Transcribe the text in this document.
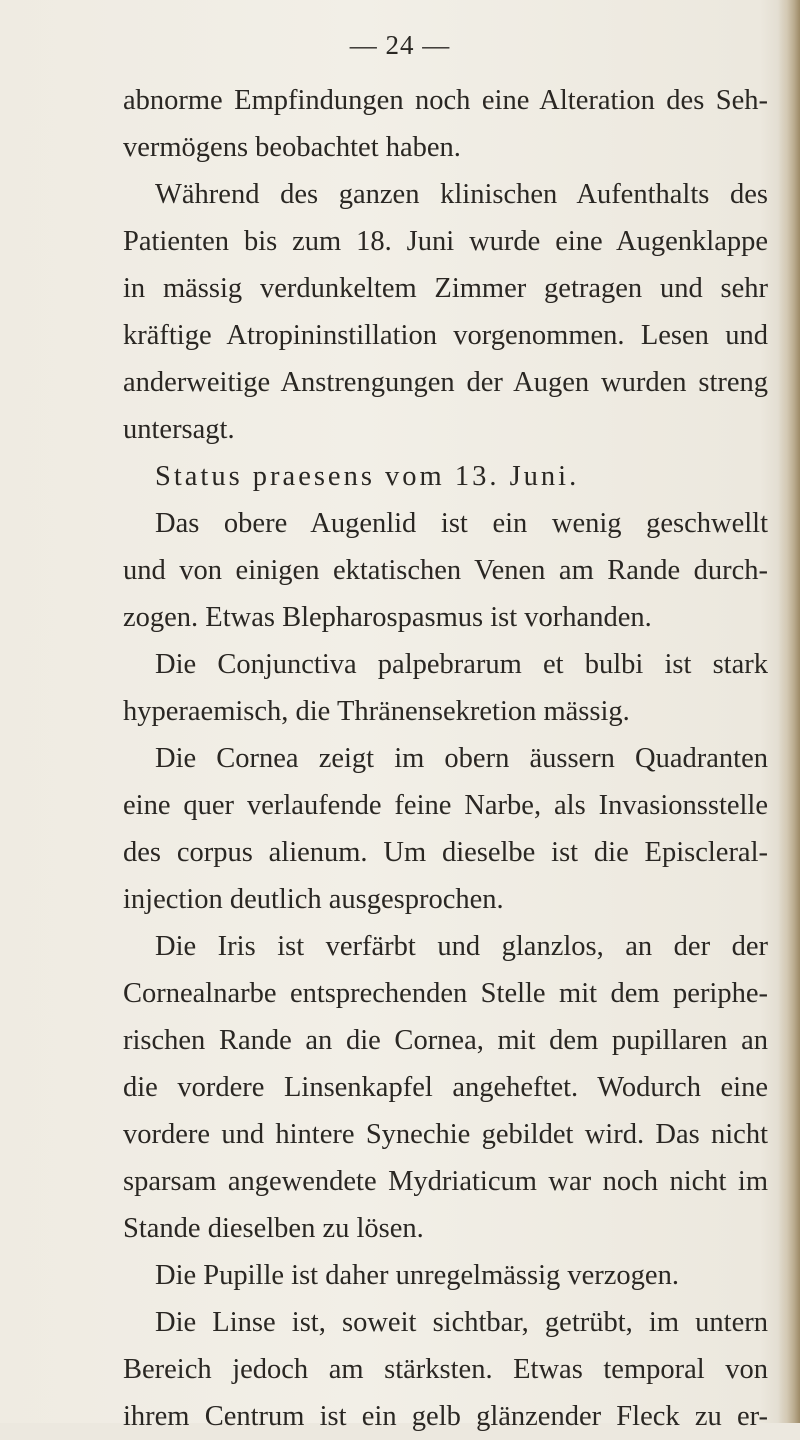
— 24 —
abnorme Empfindungen noch eine Alteration des Seh-
vermögens beobachtet haben.
Während des ganzen klinischen Aufenthalts des
Patienten bis zum 18. Juni wurde eine Augenklappe
in mässig verdunkeltem Zimmer getragen und sehr
kräftige Atropininstillation vorgenommen. Lesen und
anderweitige Anstrengungen der Augen wurden streng
untersagt.
Status praesens vom 13. Juni.
Das obere Augenlid ist ein wenig geschwellt
und von einigen ektatischen Venen am Rande durch-
zogen. Etwas Blepharospasmus ist vorhanden.
Die Conjunctiva palpebrarum et bulbi ist stark
hyperaemisch, die Thränensekretion mässig.
Die Cornea zeigt im obern äussern Quadranten
eine quer verlaufende feine Narbe, als Invasionsstelle
des corpus alienum. Um dieselbe ist die Episcleral-
injection deutlich ausgesprochen.
Die Iris ist verfärbt und glanzlos, an der der
Cornealnarbe entsprechenden Stelle mit dem periphe-
rischen Rande an die Cornea, mit dem pupillaren an
die vordere Linsenkapfel angeheftet. Wodurch eine
vordere und hintere Synechie gebildet wird. Das nicht
sparsam angewendete Mydriaticum war noch nicht im
Stande dieselben zu lösen.
Die Pupille ist daher unregelmässig verzogen.
Die Linse ist, soweit sichtbar, getrübt, im untern
Bereich jedoch am stärksten. Etwas temporal von
ihrem Centrum ist ein gelb glänzender Fleck zu er-
